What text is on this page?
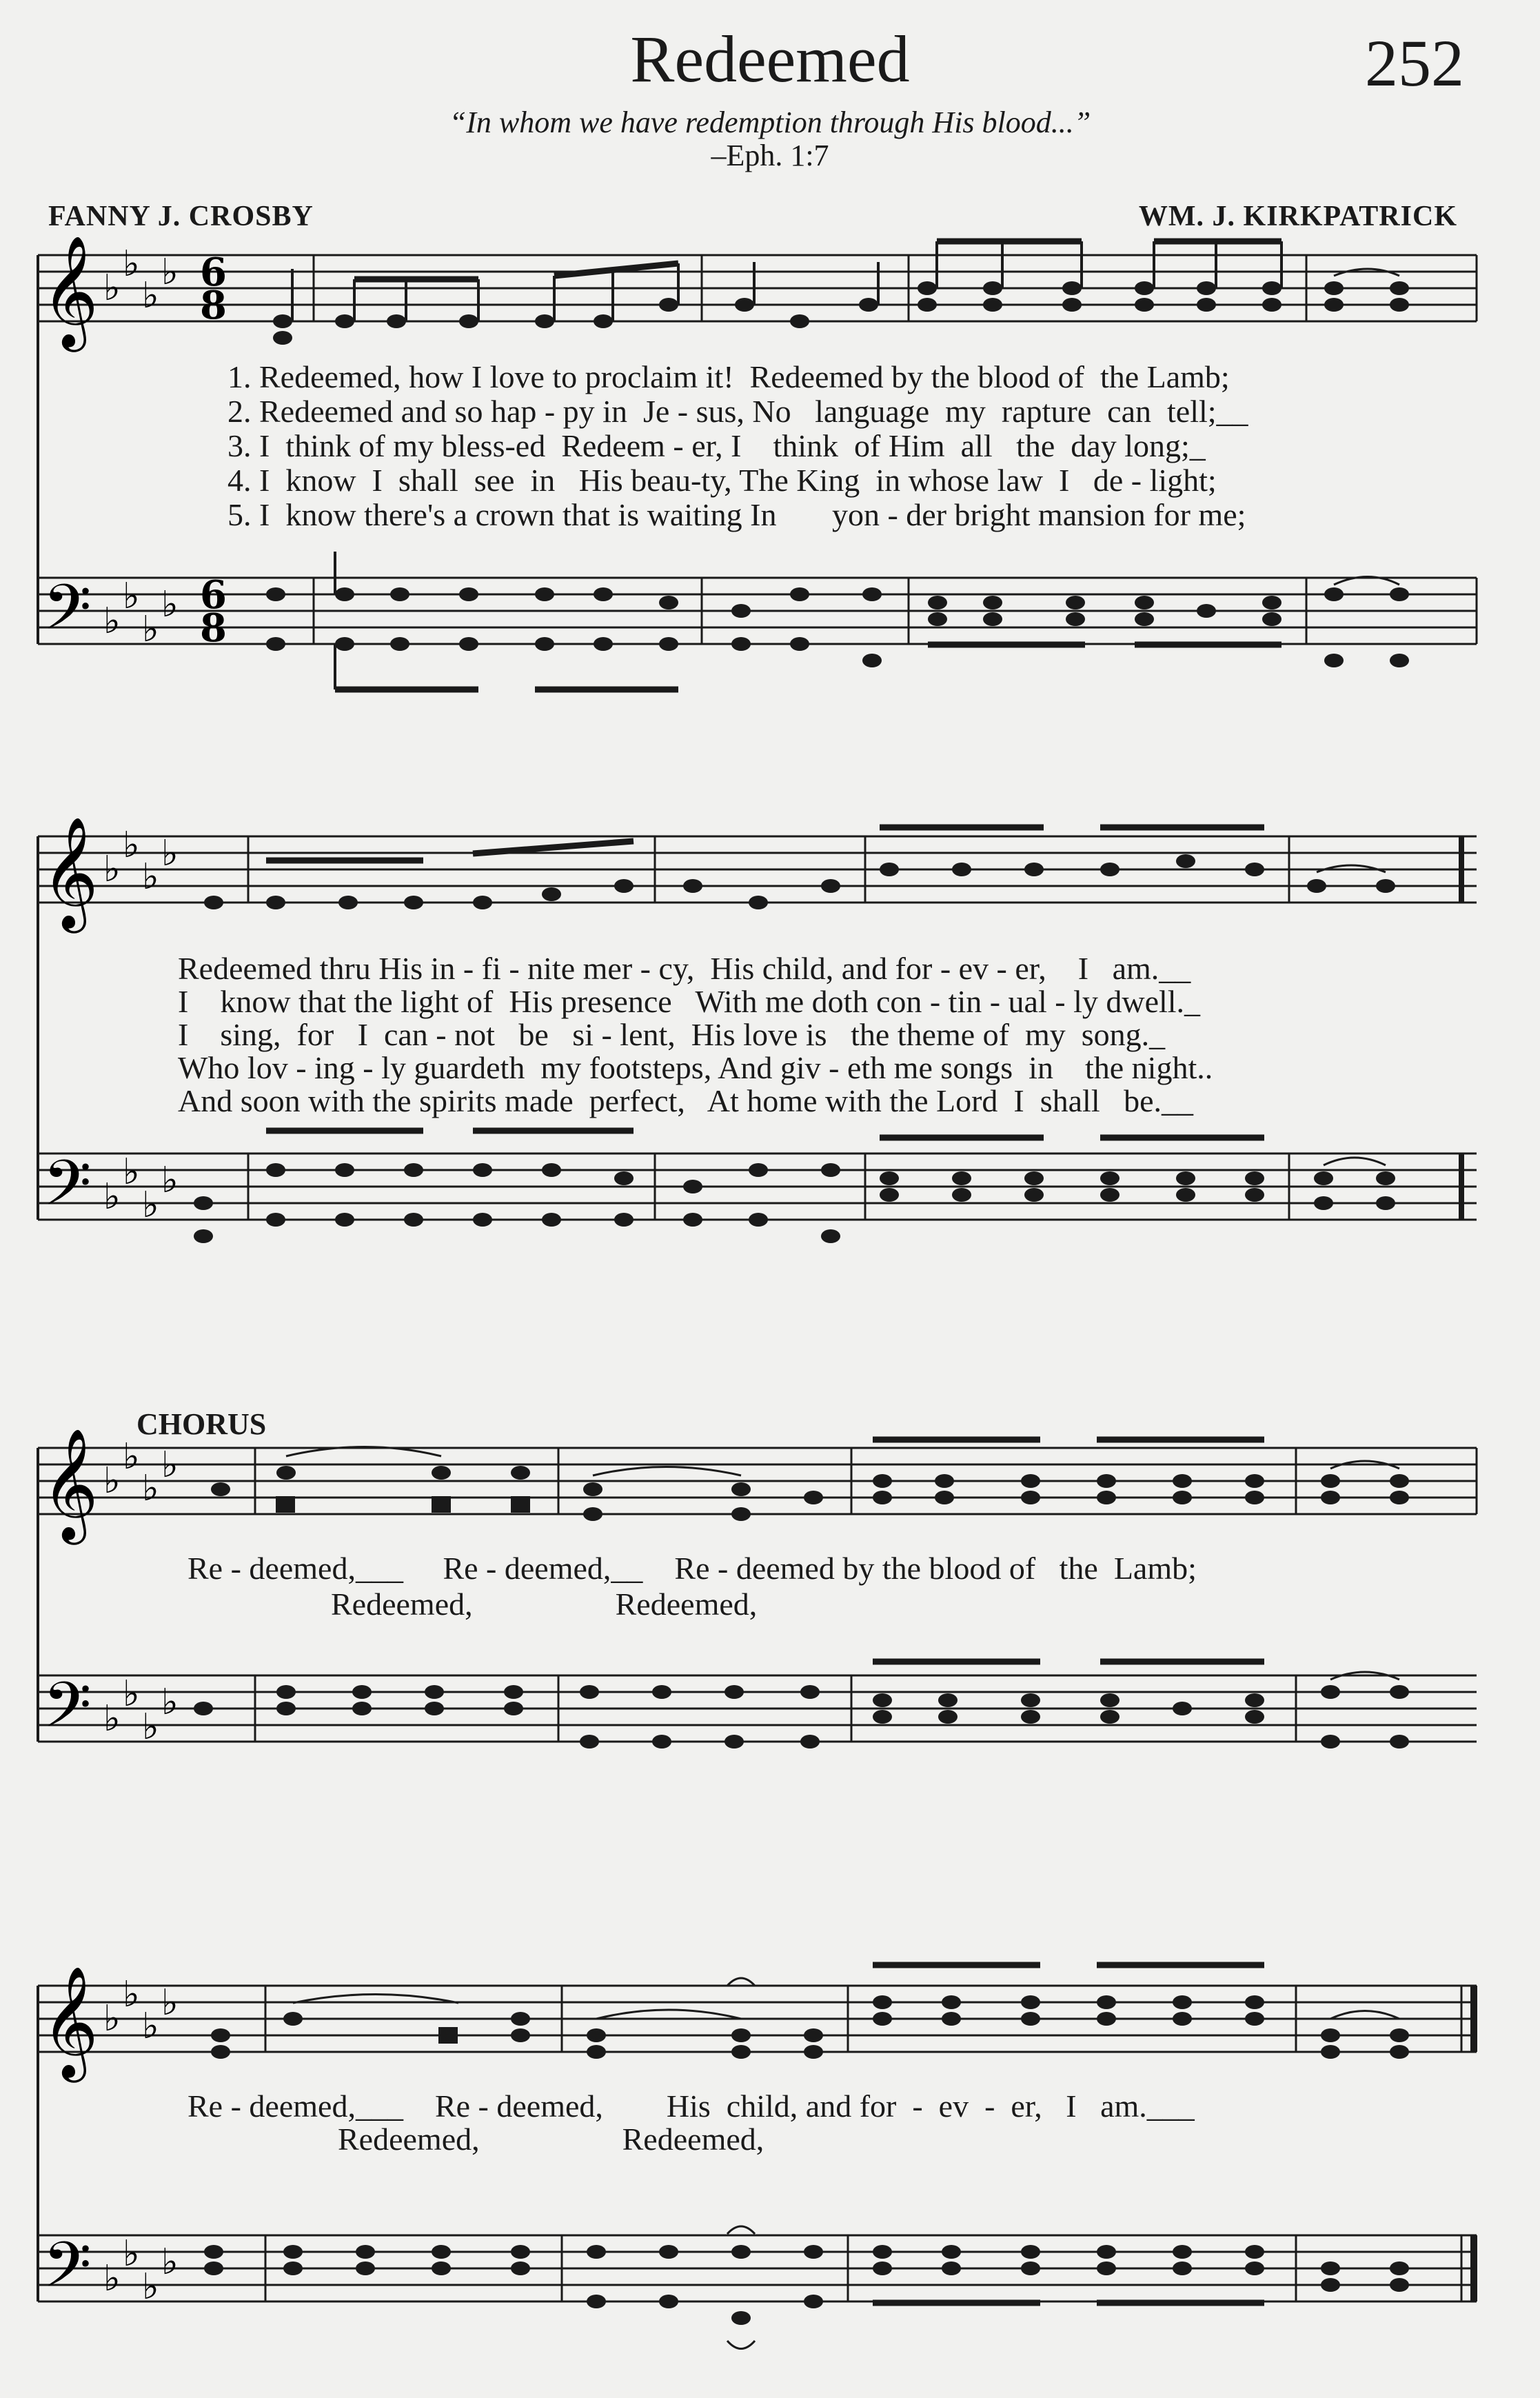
Redeemed	252
“In whom we have redemption through His blood...”
–Eph. 1:7
FANNY J. CROSBY	WM. J. KIRKPATRICK
𝄞
𝄢
♭
♭
♭
♭
♭
♭
♭
♭
6
8
6
8
1. Redeemed, how I love to proclaim it!  Redeemed by the blood of  the Lamb;
2. Redeemed and so hap - py in  Je - sus, No   language  my  rapture  can  tell;__
3. I  think of my bless-ed  Redeem - er, I    think  of Him  all   the  day long;_
4. I  know  I  shall  see  in   His beau-ty, The King  in whose law  I   de - light;
5. I  know there's a crown that is waiting In       yon - der bright mansion for me;
𝄞
𝄢
♭
♭
♭
♭
♭
♭
♭
♭
Redeemed thru His in - fi - nite mer - cy,  His child, and for - ev - er,    I   am.__
I    know that the light of  His presence   With me doth con - tin - ual - ly dwell._
I    sing,  for   I  can - not   be   si - lent,  His love is   the theme of  my  song._
Who lov - ing - ly guardeth  my footsteps, And giv - eth me songs  in    the night..
And soon with the spirits made  perfect,   At home with the Lord  I  shall   be.__
CHORUS
𝄞
𝄢
♭
♭
♭
♭
♭
♭
♭
♭
Re - deemed,___     Re - deemed,__    Re - deemed by the blood of   the  Lamb;
Redeemed,                  Redeemed,
𝄞
𝄢
♭
♭
♭
♭
♭
♭
♭
♭
Re - deemed,___    Re - deemed,        His  child, and for  -  ev  -  er,   I   am.___
Redeemed,                  Redeemed,
